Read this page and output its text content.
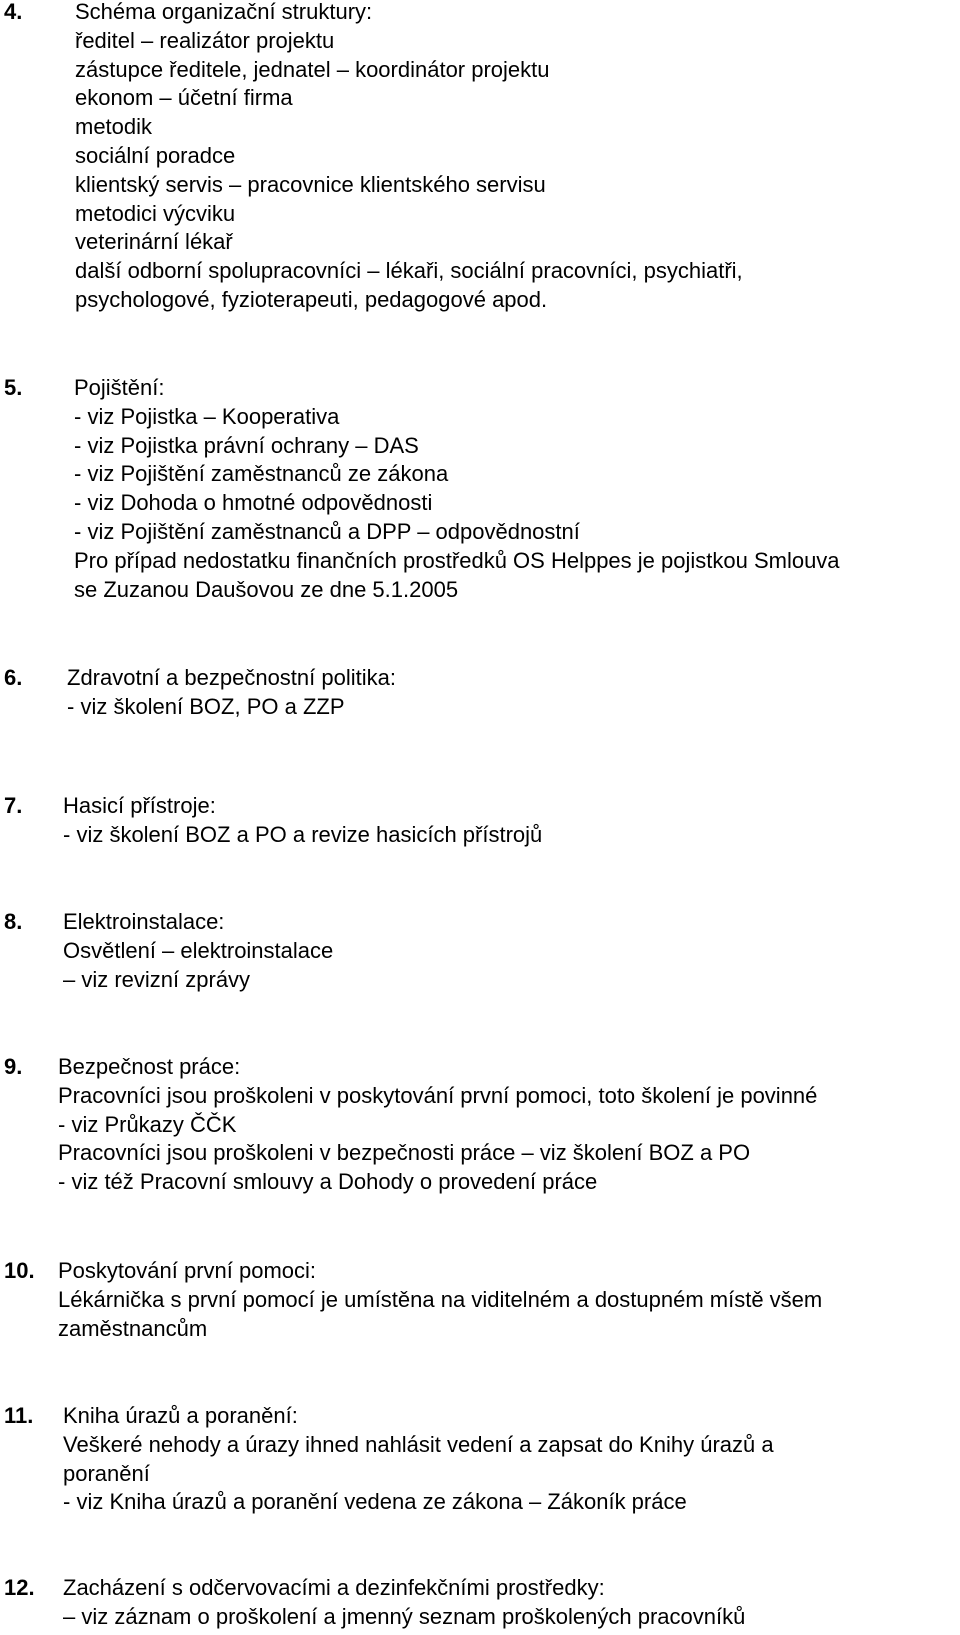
4. Schéma organizační struktury:
ředitel – realizátor projektu
zástupce ředitele, jednatel – koordinátor projektu
ekonom – účetní firma
metodik
sociální poradce
klientský servis – pracovnice klientského servisu
metodici výcviku
veterinární lékař
další odborní spolupracovníci – lékaři, sociální pracovníci, psychiatři,
psychologové, fyzioterapeuti, pedagogové apod.
5. Pojištění:
- viz Pojistka – Kooperativa
- viz Pojistka právní ochrany – DAS
- viz Pojištění zaměstnanců ze zákona
- viz Dohoda o hmotné odpovědnosti
- viz Pojištění zaměstnanců a DPP – odpovědnostní
Pro případ nedostatku finančních prostředků OS Helppes je pojistkou Smlouva
se Zuzanou Daušovou ze dne 5.1.2005
6. Zdravotní a bezpečnostní politika:
- viz školení BOZ, PO a ZZP
7. Hasicí přístroje:
- viz školení BOZ a PO a revize hasicích přístrojů
8. Elektroinstalace:
Osvětlení – elektroinstalace
– viz revizní zprávy
9. Bezpečnost práce:
Pracovníci jsou proškoleni v poskytování první pomoci, toto školení je povinné
- viz Průkazy ČČK
Pracovníci jsou proškoleni v bezpečnosti práce – viz školení BOZ a PO
- viz též Pracovní smlouvy a Dohody o provedení práce
10. Poskytování první pomoci:
Lékárnička s první pomocí je umístěna na viditelném a dostupném místě všem
zaměstnancům
11. Kniha úrazů a poranění:
Veškeré nehody a úrazy ihned nahlásit vedení a zapsat do Knihy úrazů a
poranění
- viz Kniha úrazů a poranění vedena ze zákona – Zákoník práce
12. Zacházení s odčervovacími a dezinfekčními prostředky:
– viz záznam o proškolení a jmenný seznam proškolených pracovníků
